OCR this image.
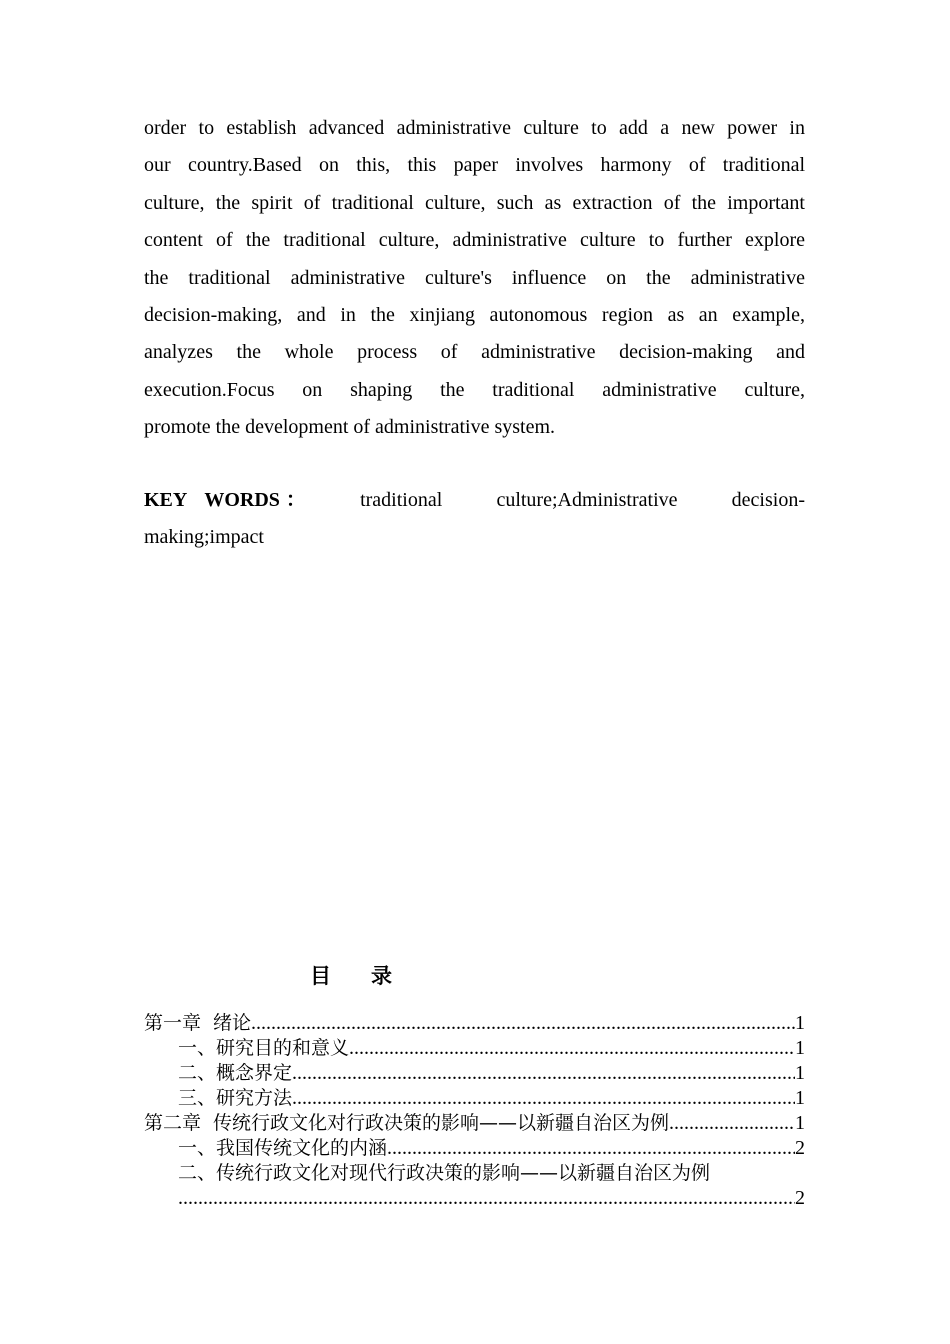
order to establish advanced administrative culture to add a new power in
our country.Based on this, this paper involves harmony of traditional
culture, the spirit of traditional culture, such as extraction of the important
content of the traditional culture, administrative culture to further explore
the traditional administrative culture's influence on the administrative
decision-making, and in the xinjiang autonomous region as an example,
analyzes the whole process of administrative decision-making and
execution.Focus on shaping the traditional administrative culture,
promote the development of administrative system.
KEY WORDS ：	traditional	culture;Administrative	decision-
making;impact
目 录
第一章 绪论 .....	1
一、研究目的和意义 .....	1
二、概念界定 .....	1
三、研究方法 .....	1
第二章 传统行政文化对行政决策的影响——以新疆自治区为例 .....	1
一、我国传统文化的内涵 .....	2
二、传统行政文化对现代行政决策的影响——以新疆自治区为例
.....
2
